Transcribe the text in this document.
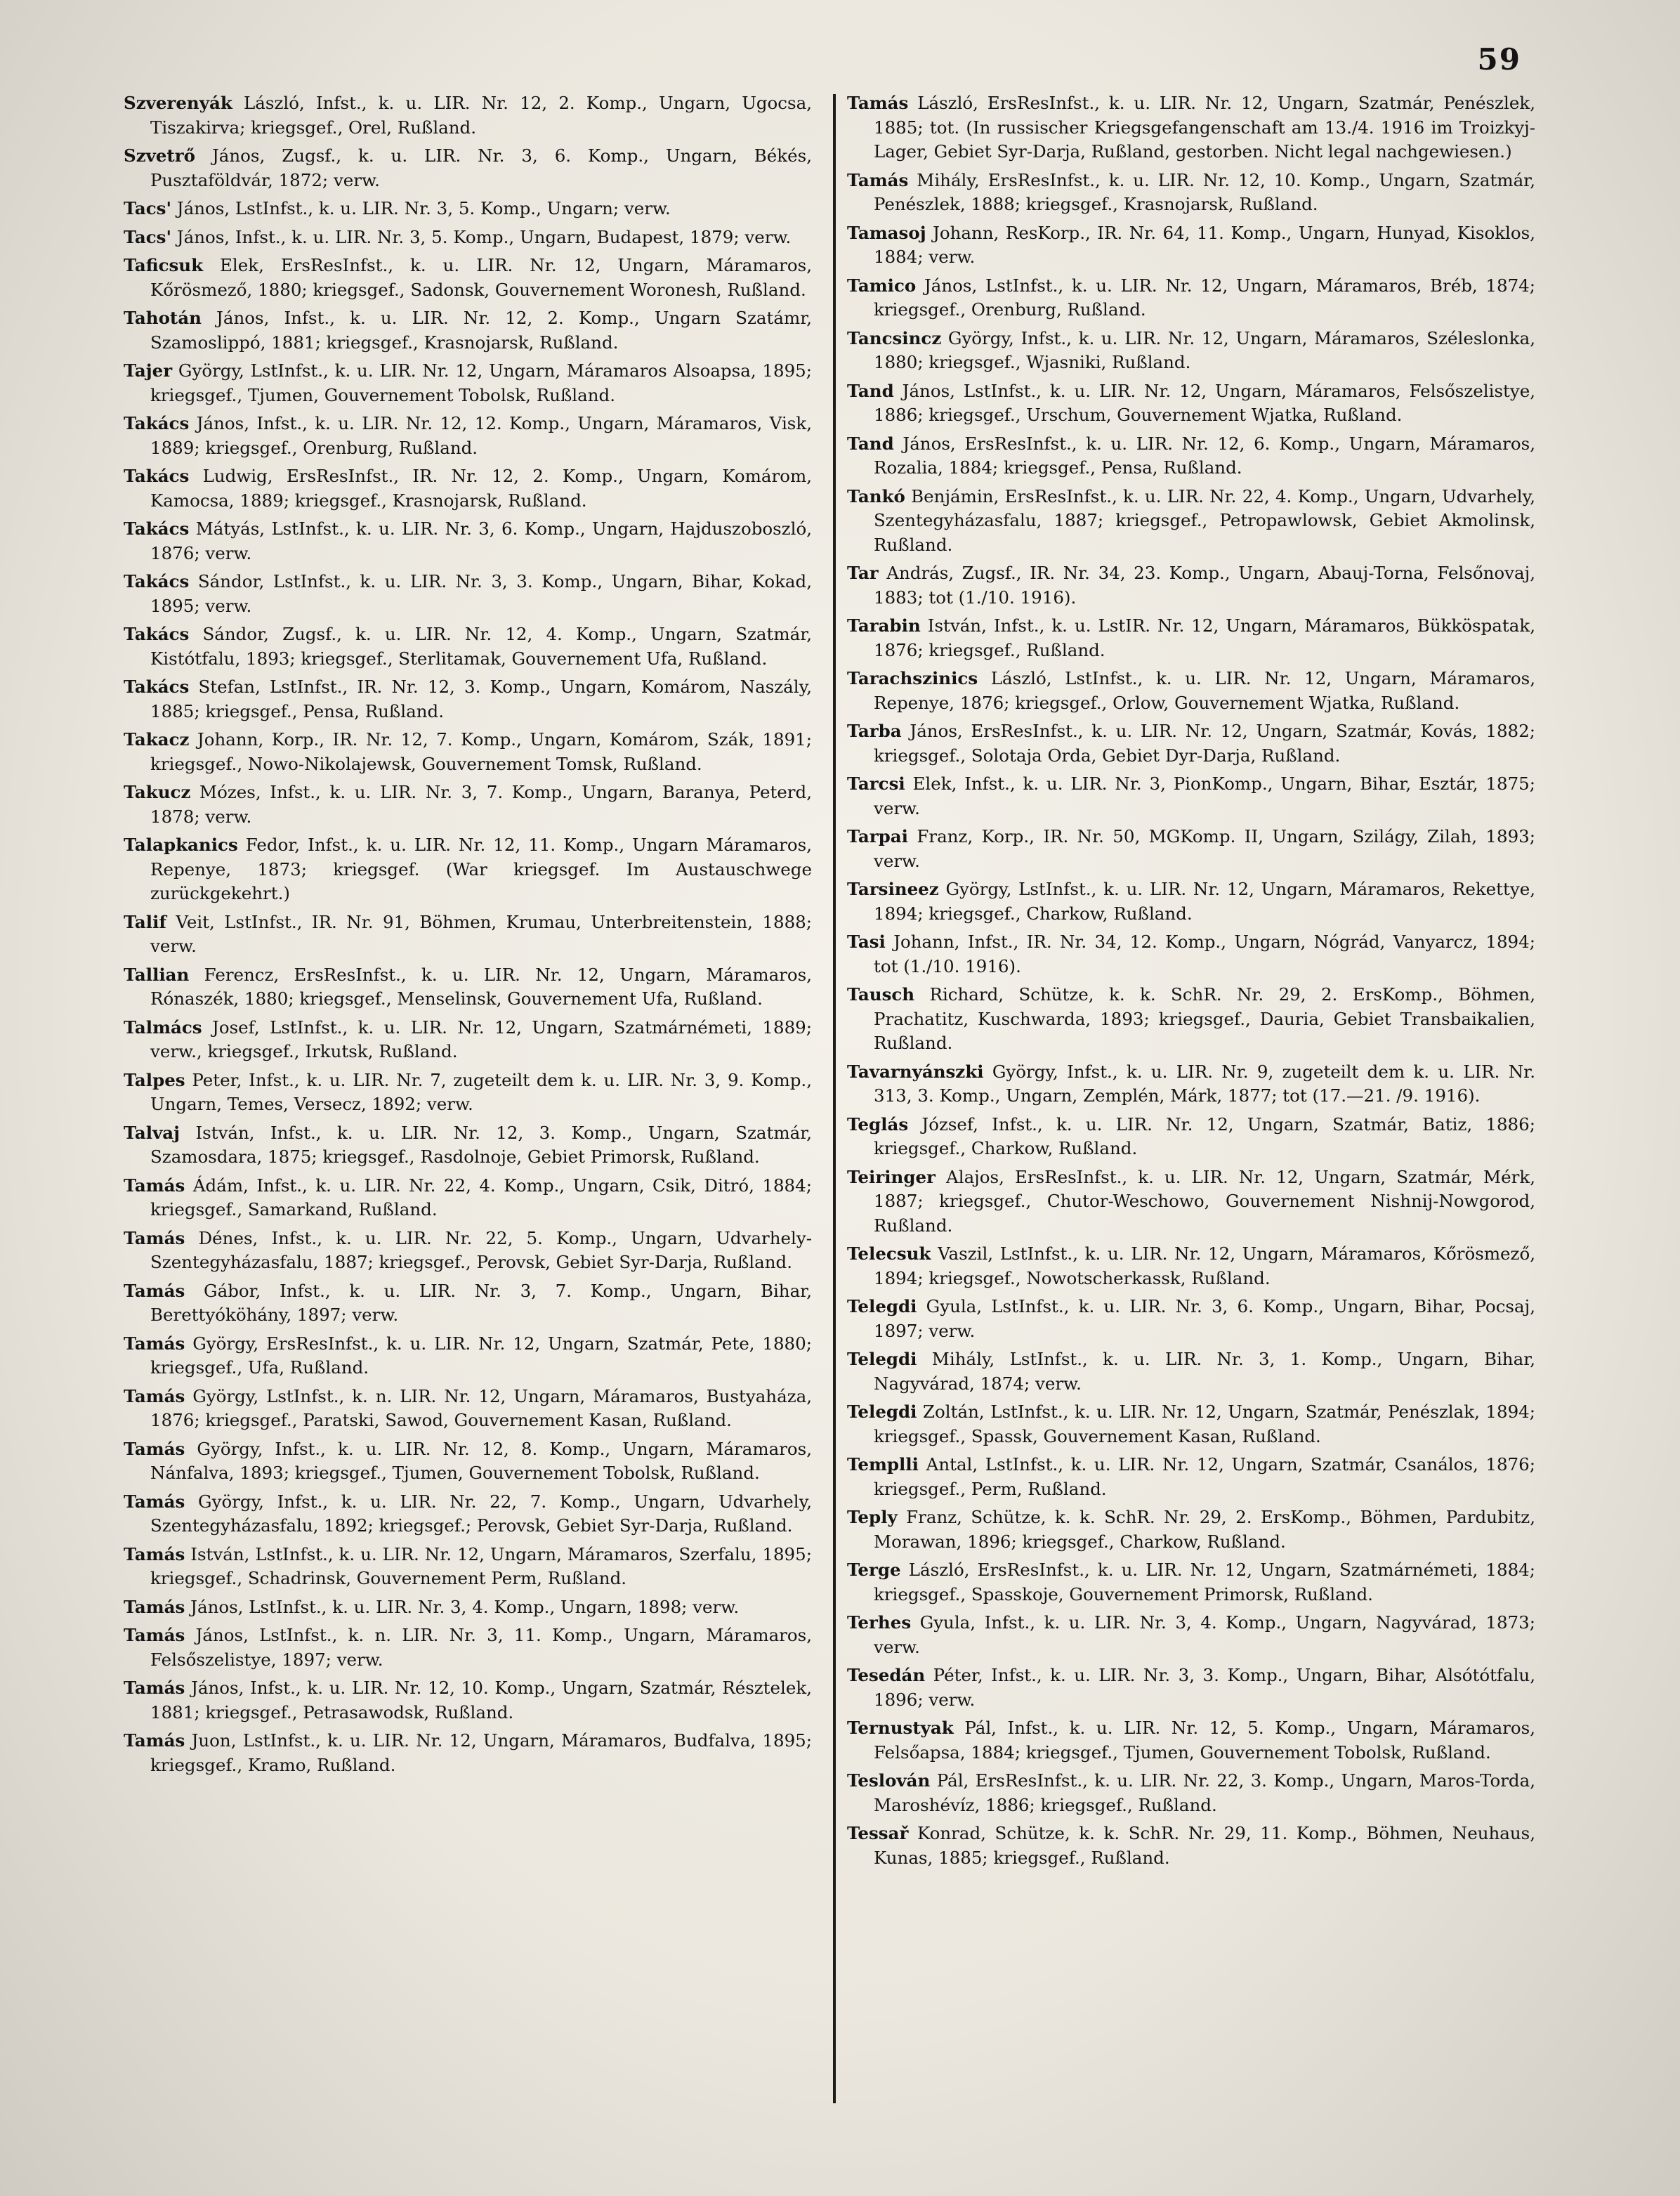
59

Szverenyák László, Infst., k. u. LIR. Nr. 12, 2. Komp., Ungarn, Ugocsa, Tiszakirva; kriegsgef., Orel, Rußland.

Szvetrő János, Zugsf., k. u. LIR. Nr. 3, 6. Komp., Ungarn, Békés, Pusztaföldvár, 1872; verw.

Tacs' János, LstInfst., k. u. LIR. Nr. 3, 5. Komp., Ungarn; verw.

Tacs' János, Infst., k. u. LIR. Nr. 3, 5. Komp., Ungarn, Budapest, 1879; verw.

Taficsuk Elek, ErsResInfst., k. u. LIR. Nr. 12, Ungarn, Máramaros, Kőrösmező, 1880; kriegsgef., Sadonsk, Gouvernement Woronesh, Rußland.

Tahotán János, Infst., k. u. LIR. Nr. 12, 2. Komp., Ungarn Szatámr, Szamoslippó, 1881; kriegsgef., Krasnojarsk, Rußland.

Tajer György, LstInfst., k. u. LIR. Nr. 12, Ungarn, Máramaros Alsoapsa, 1895; kriegsgef., Tjumen, Gouvernement Tobolsk, Rußland.

Takács János, Infst., k. u. LIR. Nr. 12, 12. Komp., Ungarn, Máramaros, Visk, 1889; kriegsgef., Orenburg, Rußland.

Takács Ludwig, ErsResInfst., IR. Nr. 12, 2. Komp., Ungarn, Komárom, Kamocsa, 1889; kriegsgef., Krasnojarsk, Rußland.

Takács Mátyás, LstInfst., k. u. LIR. Nr. 3, 6. Komp., Ungarn, Hajduszoboszló, 1876; verw.

Takács Sándor, LstInfst., k. u. LIR. Nr. 3, 3. Komp., Ungarn, Bihar, Kokad, 1895; verw.

Takács Sándor, Zugsf., k. u. LIR. Nr. 12, 4. Komp., Ungarn, Szatmár, Kistótfalu, 1893; kriegsgef., Sterlitamak, Gouvernement Ufa, Rußland.

Takács Stefan, LstInfst., IR. Nr. 12, 3. Komp., Ungarn, Komárom, Naszály, 1885; kriegsgef., Pensa, Rußland.

Takacz Johann, Korp., IR. Nr. 12, 7. Komp., Ungarn, Komárom, Szák, 1891; kriegsgef., Nowo-Nikolajewsk, Gouvernement Tomsk, Rußland.

Takucz Mózes, Infst., k. u. LIR. Nr. 3, 7. Komp., Ungarn, Baranya, Peterd, 1878; verw.

Talapkanics Fedor, Infst., k. u. LIR. Nr. 12, 11. Komp., Ungarn Máramaros, Repenye, 1873; kriegsgef. (War kriegsgef. Im Austauschwege zurückgekehrt.)

Talif Veit, LstInfst., IR. Nr. 91, Böhmen, Krumau, Unterbreitenstein, 1888; verw.

Tallian Ferencz, ErsResInfst., k. u. LIR. Nr. 12, Ungarn, Máramaros, Rónaszék, 1880; kriegsgef., Menselinsk, Gouvernement Ufa, Rußland.

Talmács Josef, LstInfst., k. u. LIR. Nr. 12, Ungarn, Szatmárnémeti, 1889; verw., kriegsgef., Irkutsk, Rußland.

Talpes Peter, Infst., k. u. LIR. Nr. 7, zugeteilt dem k. u. LIR. Nr. 3, 9. Komp., Ungarn, Temes, Versecz, 1892; verw.

Talvaj István, Infst., k. u. LIR. Nr. 12, 3. Komp., Ungarn, Szatmár, Szamosdara, 1875; kriegsgef., Rasdolnoje, Gebiet Primorsk, Rußland.

Tamás Ádám, Infst., k. u. LIR. Nr. 22, 4. Komp., Ungarn, Csik, Ditró, 1884; kriegsgef., Samarkand, Rußland.

Tamás Dénes, Infst., k. u. LIR. Nr. 22, 5. Komp., Ungarn, Udvarhely-Szentegyházasfalu, 1887; kriegsgef., Perovsk, Gebiet Syr-Darja, Rußland.

Tamás Gábor, Infst., k. u. LIR. Nr. 3, 7. Komp., Ungarn, Bihar, Berettyóköhány, 1897; verw.

Tamás György, ErsResInfst., k. u. LIR. Nr. 12, Ungarn, Szatmár, Pete, 1880; kriegsgef., Ufa, Rußland.

Tamás György, LstInfst., k. n. LIR. Nr. 12, Ungarn, Máramaros, Bustyaháza, 1876; kriegsgef., Paratski, Sawod, Gouvernement Kasan, Rußland.

Tamás György, Infst., k. u. LIR. Nr. 12, 8. Komp., Ungarn, Máramaros, Nánfalva, 1893; kriegsgef., Tjumen, Gouvernement Tobolsk, Rußland.

Tamás György, Infst., k. u. LIR. Nr. 22, 7. Komp., Ungarn, Udvarhely, Szentegyházasfalu, 1892; kriegsgef.; Perovsk, Gebiet Syr-Darja, Rußland.

Tamás István, LstInfst., k. u. LIR. Nr. 12, Ungarn, Máramaros, Szerfalu, 1895; kriegsgef., Schadrinsk, Gouvernement Perm, Rußland.

Tamás János, LstInfst., k. u. LIR. Nr. 3, 4. Komp., Ungarn, 1898; verw.

Tamás János, LstInfst., k. n. LIR. Nr. 3, 11. Komp., Ungarn, Máramaros, Felsőszelistye, 1897; verw.

Tamás János, Infst., k. u. LIR. Nr. 12, 10. Komp., Ungarn, Szatmár, Résztelek, 1881; kriegsgef., Petrasawodsk, Rußland.

Tamás Juon, LstInfst., k. u. LIR. Nr. 12, Ungarn, Máramaros, Budfalva, 1895; kriegsgef., Kramo, Rußland.

Tamás László, ErsResInfst., k. u. LIR. Nr. 12, Ungarn, Szatmár, Penészlek, 1885; tot. (In russischer Kriegsgefangenschaft am 13./4. 1916 im Troizkyj-Lager, Gebiet Syr-Darja, Rußland, gestorben. Nicht legal nachgewiesen.)

Tamás Mihály, ErsResInfst., k. u. LIR. Nr. 12, 10. Komp., Ungarn, Szatmár, Penészlek, 1888; kriegsgef., Krasnojarsk, Rußland.

Tamasoj Johann, ResKorp., IR. Nr. 64, 11. Komp., Ungarn, Hunyad, Kisoklos, 1884; verw.

Tamico János, LstInfst., k. u. LIR. Nr. 12, Ungarn, Máramaros, Bréb, 1874; kriegsgef., Orenburg, Rußland.

Tancsincz György, Infst., k. u. LIR. Nr. 12, Ungarn, Máramaros, Széleslonka, 1880; kriegsgef., Wjasniki, Rußland.

Tand János, LstInfst., k. u. LIR. Nr. 12, Ungarn, Máramaros, Felsőszelistye, 1886; kriegsgef., Urschum, Gouvernement Wjatka, Rußland.

Tand János, ErsResInfst., k. u. LIR. Nr. 12, 6. Komp., Ungarn, Máramaros, Rozalia, 1884; kriegsgef., Pensa, Rußland.

Tankó Benjámin, ErsResInfst., k. u. LIR. Nr. 22, 4. Komp., Ungarn, Udvarhely, Szentegyházasfalu, 1887; kriegsgef., Petropawlowsk, Gebiet Akmolinsk, Rußland.

Tar András, Zugsf., IR. Nr. 34, 23. Komp., Ungarn, Abauj-Torna, Felsőnovaj, 1883; tot (1./10. 1916).

Tarabin István, Infst., k. u. LstIR. Nr. 12, Ungarn, Máramaros, Bükköspatak, 1876; kriegsgef., Rußland.

Tarachszinics László, LstInfst., k. u. LIR. Nr. 12, Ungarn, Máramaros, Repenye, 1876; kriegsgef., Orlow, Gouvernement Wjatka, Rußland.

Tarba János, ErsResInfst., k. u. LIR. Nr. 12, Ungarn, Szatmár, Kovás, 1882; kriegsgef., Solotaja Orda, Gebiet Dyr-Darja, Rußland.

Tarcsi Elek, Infst., k. u. LIR. Nr. 3, PionKomp., Ungarn, Bihar, Esztár, 1875; verw.

Tarpai Franz, Korp., IR. Nr. 50, MGKomp. II, Ungarn, Szilágy, Zilah, 1893; verw.

Tarsineez György, LstInfst., k. u. LIR. Nr. 12, Ungarn, Máramaros, Rekettye, 1894; kriegsgef., Charkow, Rußland.

Tasi Johann, Infst., IR. Nr. 34, 12. Komp., Ungarn, Nógrád, Vanyarcz, 1894; tot (1./10. 1916).

Tausch Richard, Schütze, k. k. SchR. Nr. 29, 2. ErsKomp., Böhmen, Prachatitz, Kuschwarda, 1893; kriegsgef., Dauria, Gebiet Transbaikalien, Rußland.

Tavarnyánszki György, Infst., k. u. LIR. Nr. 9, zugeteilt dem k. u. LIR. Nr. 313, 3. Komp., Ungarn, Zemplén, Márk, 1877; tot (17.—21. /9. 1916).

Teglás József, Infst., k. u. LIR. Nr. 12, Ungarn, Szatmár, Batiz, 1886; kriegsgef., Charkow, Rußland.

Teiringer Alajos, ErsResInfst., k. u. LIR. Nr. 12, Ungarn, Szatmár, Mérk, 1887; kriegsgef., Chutor-Weschowo, Gouvernement Nishnij-Nowgorod, Rußland.

Telecsuk Vaszil, LstInfst., k. u. LIR. Nr. 12, Ungarn, Máramaros, Kőrösmező, 1894; kriegsgef., Nowotscherkassk, Rußland.

Telegdi Gyula, LstInfst., k. u. LIR. Nr. 3, 6. Komp., Ungarn, Bihar, Pocsaj, 1897; verw.

Telegdi Mihály, LstInfst., k. u. LIR. Nr. 3, 1. Komp., Ungarn, Bihar, Nagyvárad, 1874; verw.

Telegdi Zoltán, LstInfst., k. u. LIR. Nr. 12, Ungarn, Szatmár, Penészlak, 1894; kriegsgef., Spassk, Gouvernement Kasan, Rußland.

Templli Antal, LstInfst., k. u. LIR. Nr. 12, Ungarn, Szatmár, Csanálos, 1876; kriegsgef., Perm, Rußland.

Teply Franz, Schütze, k. k. SchR. Nr. 29, 2. ErsKomp., Böhmen, Pardubitz, Morawan, 1896; kriegsgef., Charkow, Rußland.

Terge László, ErsResInfst., k. u. LIR. Nr. 12, Ungarn, Szatmárnémeti, 1884; kriegsgef., Spasskoje, Gouvernement Primorsk, Rußland.

Terhes Gyula, Infst., k. u. LIR. Nr. 3, 4. Komp., Ungarn, Nagyvárad, 1873; verw.

Tesedán Péter, Infst., k. u. LIR. Nr. 3, 3. Komp., Ungarn, Bihar, Alsótótfalu, 1896; verw.

Ternustyak Pál, Infst., k. u. LIR. Nr. 12, 5. Komp., Ungarn, Máramaros, Felsőapsa, 1884; kriegsgef., Tjumen, Gouvernement Tobolsk, Rußland.

Teslován Pál, ErsResInfst., k. u. LIR. Nr. 22, 3. Komp., Ungarn, Maros-Torda, Maroshévíz, 1886; kriegsgef., Rußland.

Tessař Konrad, Schütze, k. k. SchR. Nr. 29, 11. Komp., Böhmen, Neuhaus, Kunas, 1885; kriegsgef., Rußland.
